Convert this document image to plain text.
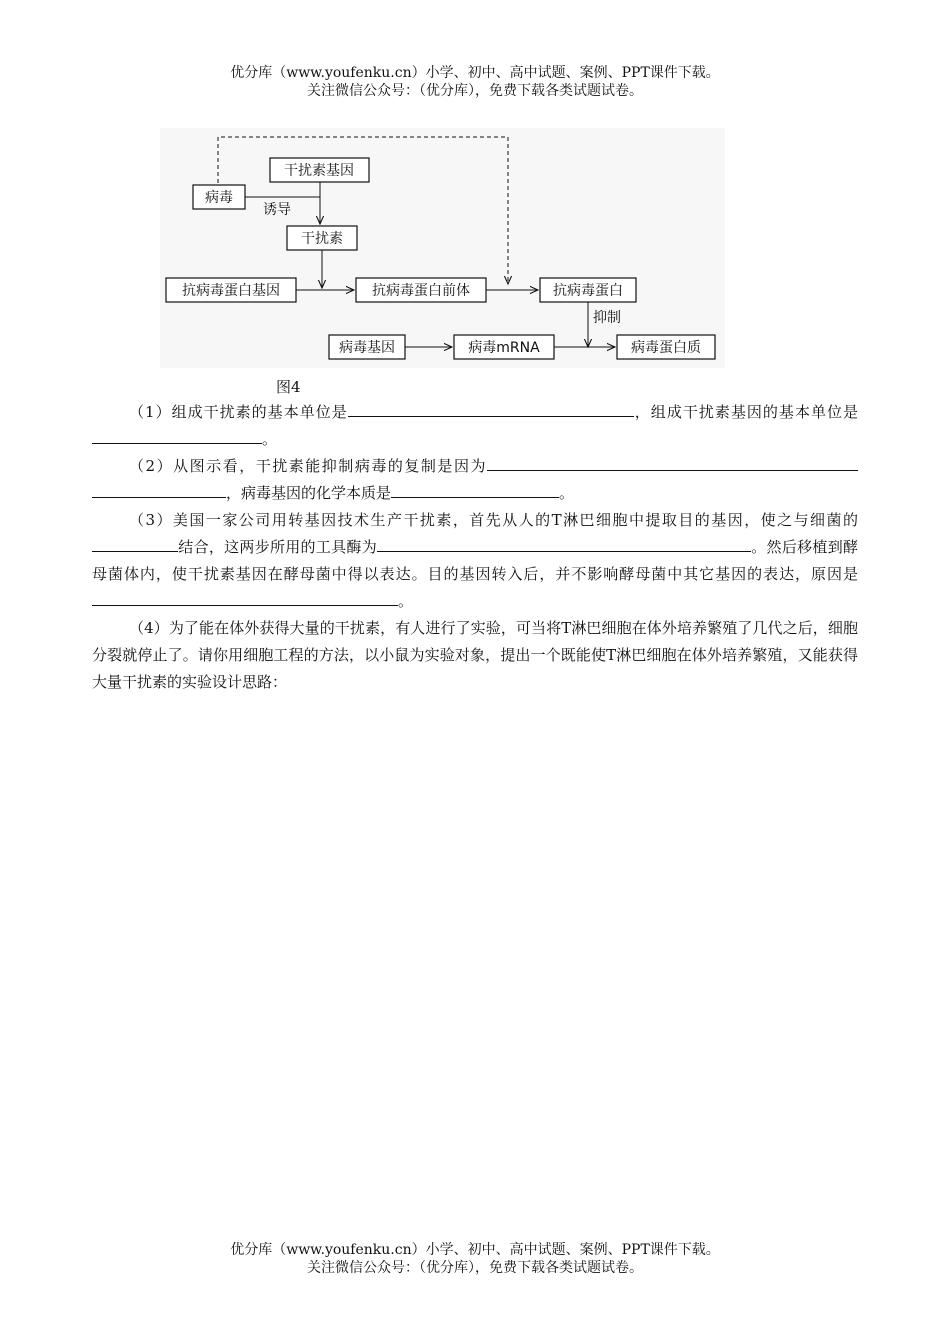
优分库（www.youfenku.cn）小学、初中、高中试题、案例、PPT课件下载。
关注微信公众号：（优分库），免费下载各类试题试卷。
病毒
干扰素基因
干扰素
抗病毒蛋白基因	抗病毒蛋白前体	抗病毒蛋白
病毒基因	病毒mRNA	病毒蛋白质
诱导
抑制
图4

（1）组成干扰素的基本单位是	，组成干扰素基因的基本单位是。

（2）从图示看，干扰素能抑制病毒的复制是因为，病毒基因的化学本质是	。

（3）美国一家公司用转基因技术生产干扰素，首先从人的T淋巴细胞中提取目的基因，使之与细菌的结合，这两步所用的工具酶为	。然后移植到酵母菌体内，使干扰素基因在酵母菌中得以表达。目的基因转入后，并不影响酵母菌中其它基因的表达，原因是。

（4）为了能在体外获得大量的干扰素，有人进行了实验，可当将T淋巴细胞在体外培养繁殖了几代之后，细胞分裂就停止了。请你用细胞工程的方法，以小鼠为实验对象，提出一个既能使T淋巴细胞在体外培养繁殖，又能获得大量干扰素的实验设计思路：

优分库（www.youfenku.cn）小学、初中、高中试题、案例、PPT课件下载。
关注微信公众号：（优分库），免费下载各类试题试卷。
